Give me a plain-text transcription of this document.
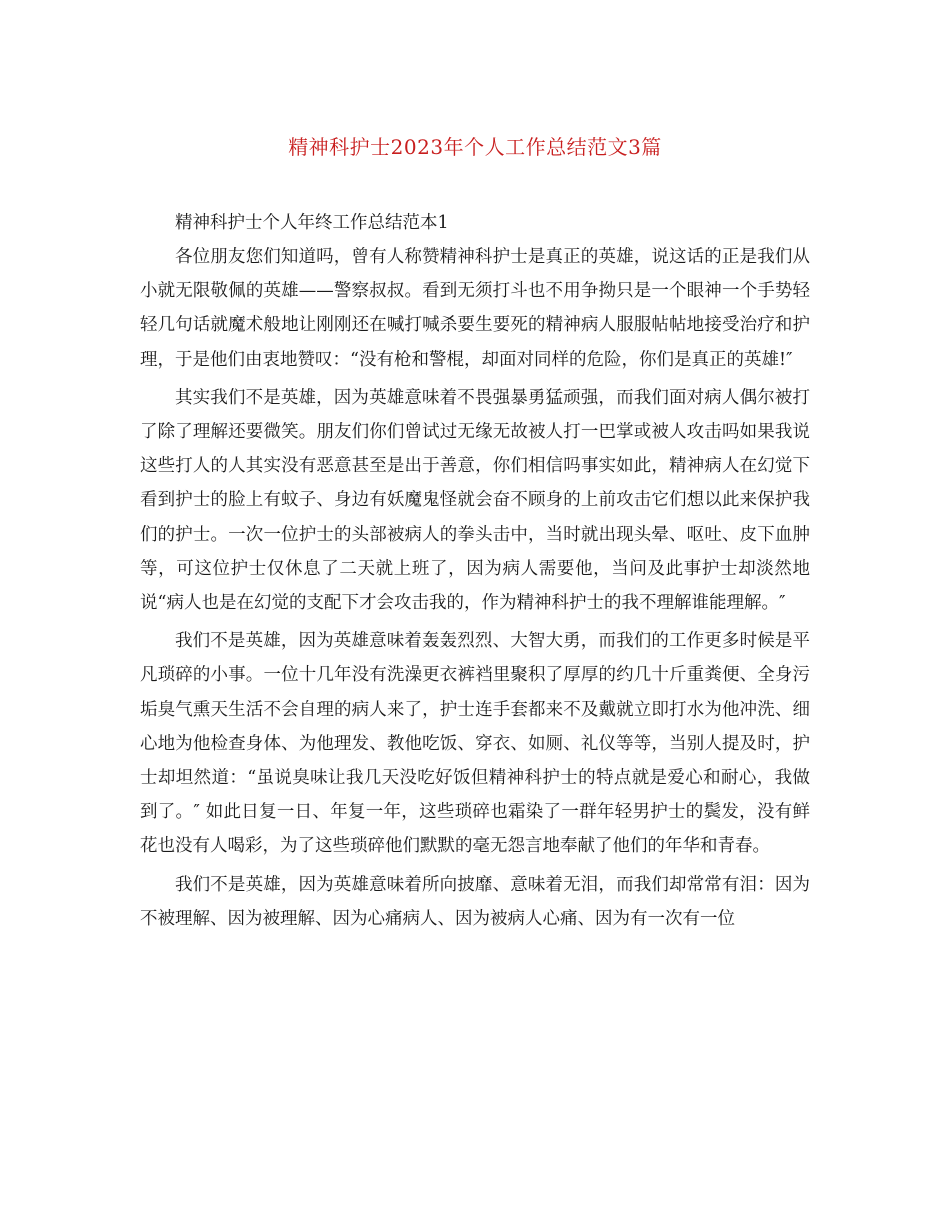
精神科护士2023年个人工作总结范文3篇

精神科护士个人年终工作总结范本1

各位朋友您们知道吗，曾有人称赞精神科护士是真正的英雄，说这话的正是我们从小就无限敬佩的英雄——警察叔叔。看到无须打斗也不用争拗只是一个眼神一个手势轻轻几句话就魔术般地让刚刚还在喊打喊杀要生要死的精神病人服服帖帖地接受治疗和护理，于是他们由衷地赞叹：“没有枪和警棍，却面对同样的危险，你们是真正的英雄!″

其实我们不是英雄，因为英雄意味着不畏强暴勇猛顽强，而我们面对病人偶尔被打了除了理解还要微笑。朋友们你们曾试过无缘无故被人打一巴掌或被人攻击吗如果我说这些打人的人其实没有恶意甚至是出于善意，你们相信吗事实如此，精神病人在幻觉下看到护士的脸上有蚊子、身边有妖魔鬼怪就会奋不顾身的上前攻击它们想以此来保护我们的护士。一次一位护士的头部被病人的拳头击中，当时就出现头晕、呕吐、皮下血肿等，可这位护士仅休息了二天就上班了，因为病人需要他，当问及此事护士却淡然地说“病人也是在幻觉的支配下才会攻击我的，作为精神科护士的我不理解谁能理解。″

我们不是英雄，因为英雄意味着轰轰烈烈、大智大勇，而我们的工作更多时候是平凡琐碎的小事。一位十几年没有洗澡更衣裤裆里聚积了厚厚的约几十斤重粪便、全身污垢臭气熏天生活不会自理的病人来了，护士连手套都来不及戴就立即打水为他冲洗、细心地为他检查身体、为他理发、教他吃饭、穿衣、如厕、礼仪等等，当别人提及时，护士却坦然道：“虽说臭味让我几天没吃好饭但精神科护士的特点就是爱心和耐心，我做到了。″ 如此日复一日、年复一年，这些琐碎也霜染了一群年轻男护士的鬓发，没有鲜花也没有人喝彩，为了这些琐碎他们默默的毫无怨言地奉献了他们的年华和青春。

我们不是英雄，因为英雄意味着所向披靡、意味着无泪，而我们却常常有泪：因为不被理解、因为被理解、因为心痛病人、因为被病人心痛、因为有一次有一位
